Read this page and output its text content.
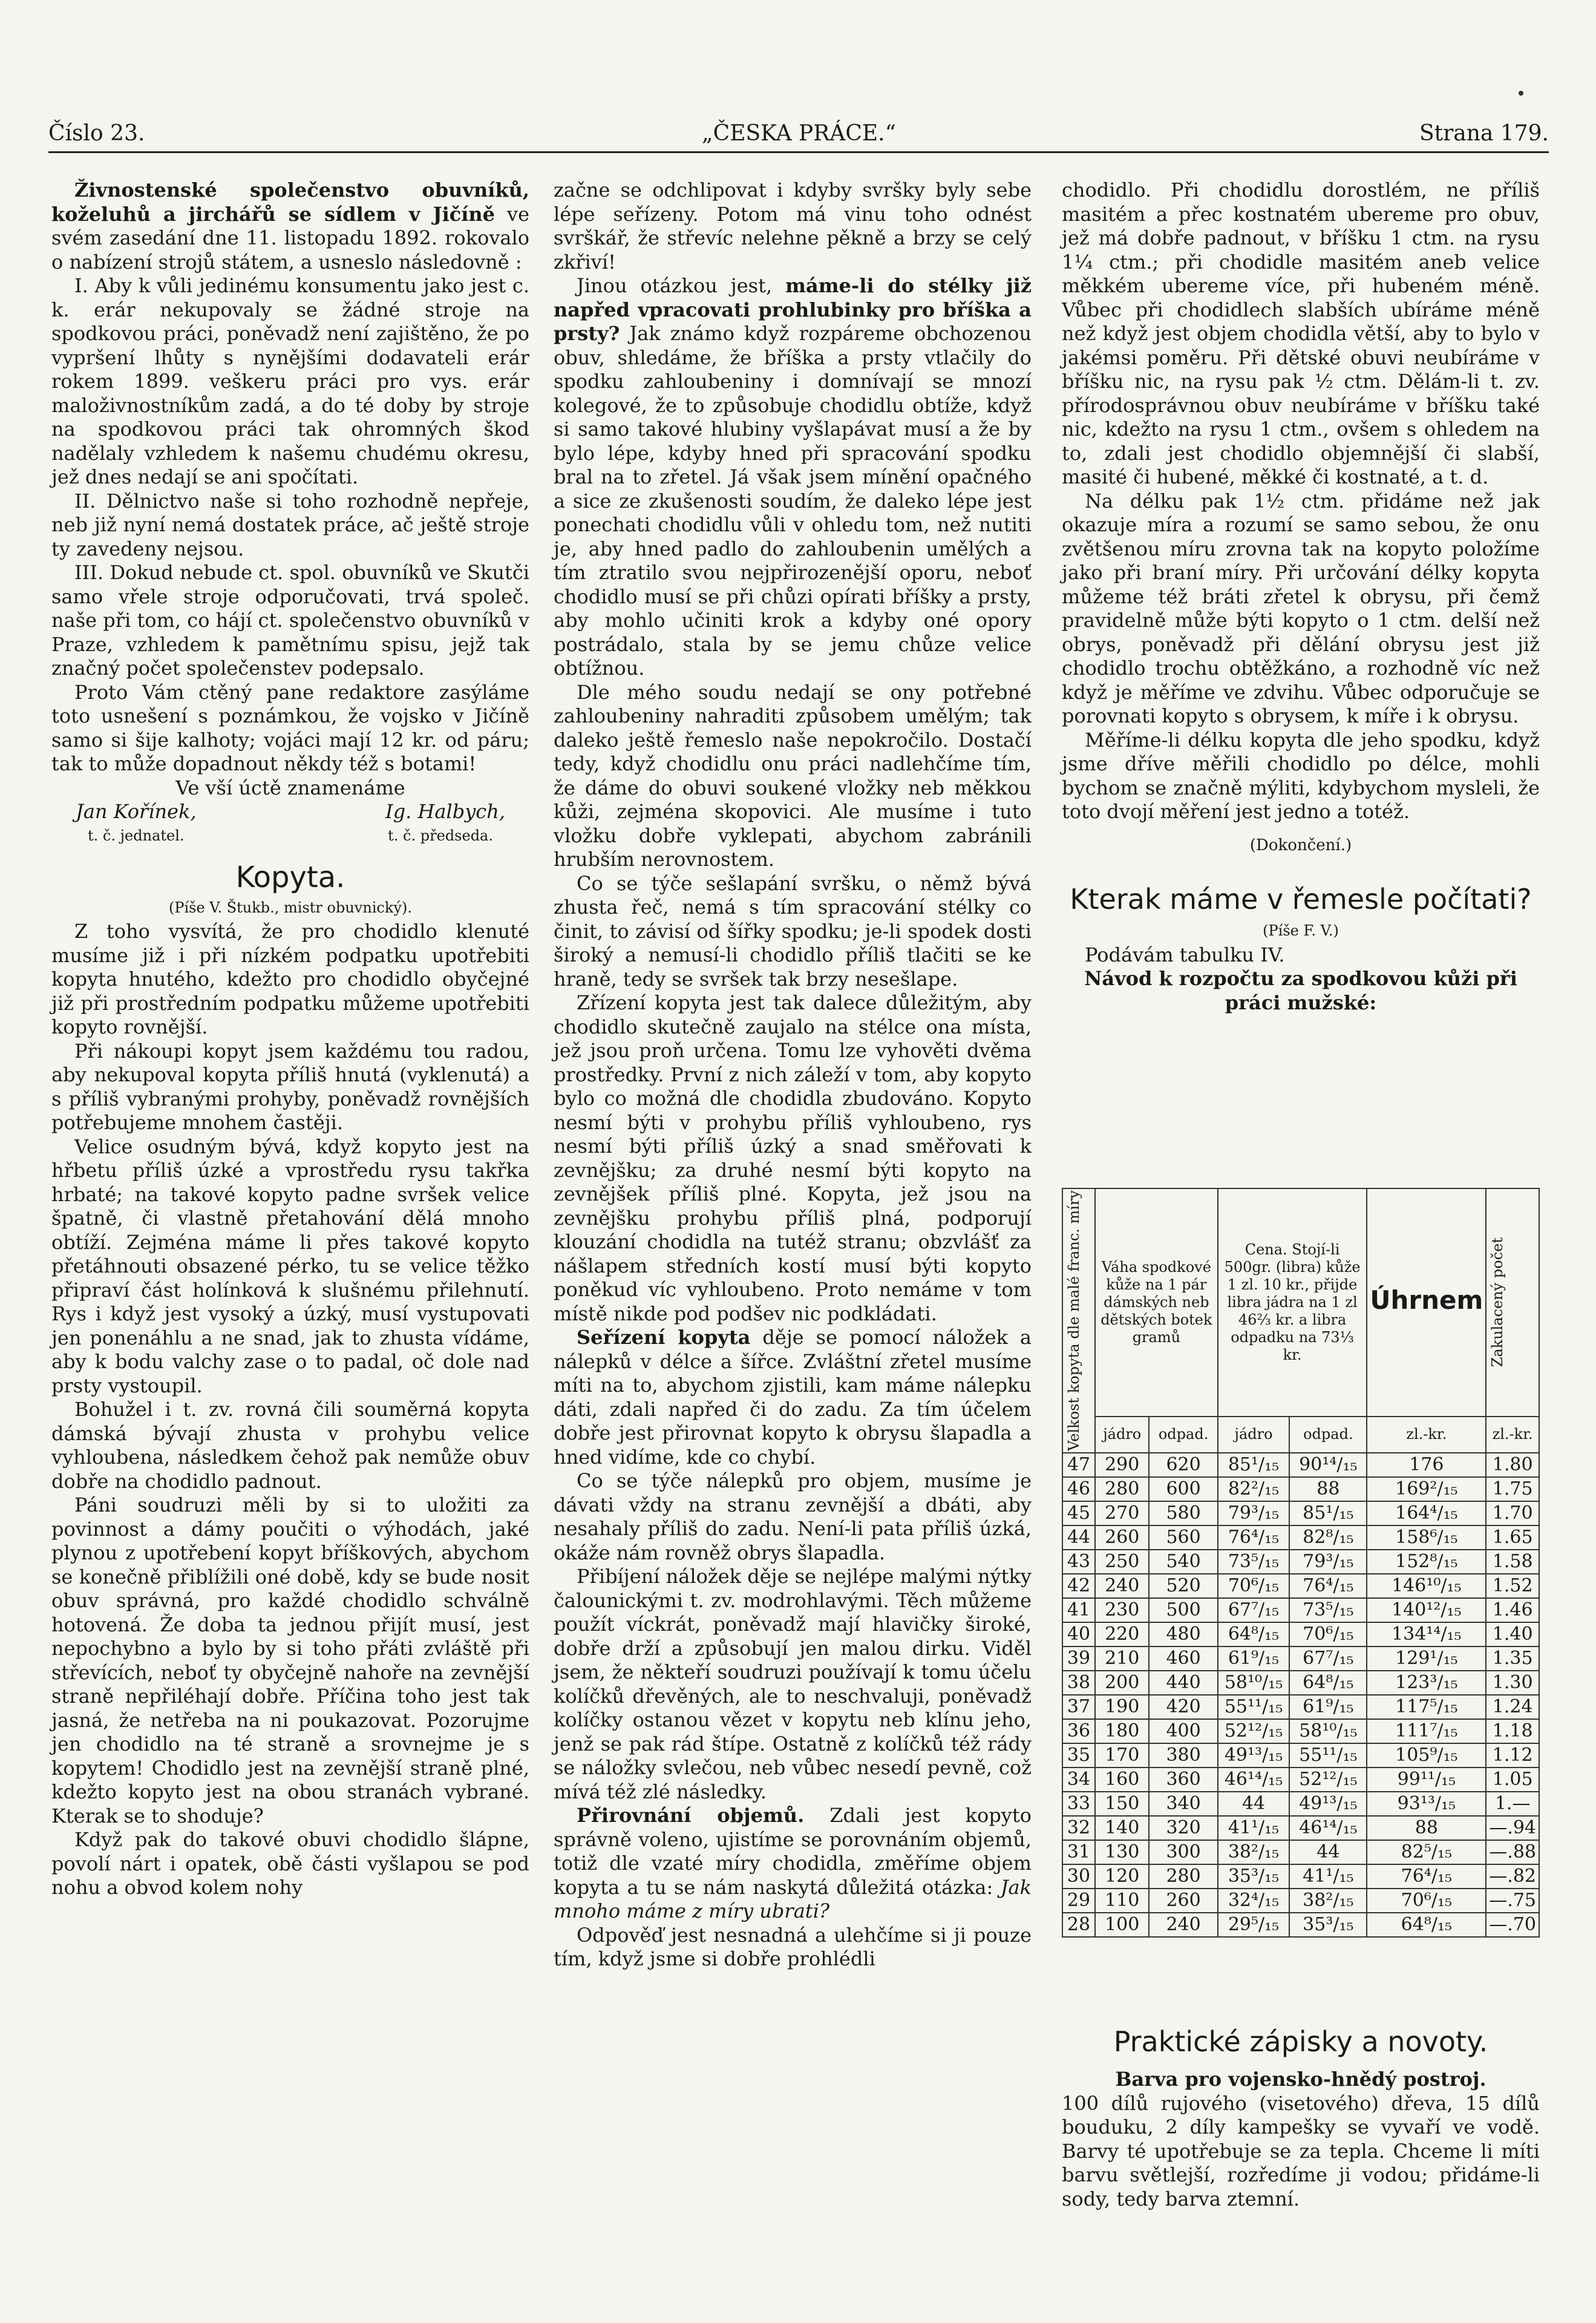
Číslo 23.	„ČESKA PRÁCE.“	Strana 179.

Živnostenské společenstvo obuvníků, koželuhů a jirchářů se sídlem v Jičíně ve svém zasedání dne 11. listopadu 1892. rokovalo o nabízení strojů státem, a usneslo následovně :

I. Aby k vůli jedinému konsumentu jako jest c. k. erár nekupovaly se žádné stroje na spodkovou práci, poněvadž není zajištěno, že po vypršení lhůty s nynějšími dodavateli erár rokem 1899. veškeru práci pro vys. erár maloživnostníkům zadá, a do té doby by stroje na spodkovou práci tak ohromných škod nadělaly vzhledem k našemu chudému okresu, jež dnes nedají se ani spočítati.

II. Dělnictvo naše si toho rozhodně nepřeje, neb již nyní nemá dostatek práce, ač ještě stroje ty zavedeny nejsou.

III. Dokud nebude ct. spol. obuvníků ve Skutči samo vřele stroje odporučovati, trvá společ. naše při tom, co hájí ct. společenstvo obuvníků v Praze, vzhledem k pamětnímu spisu, jejž tak značný počet společenstev podepsalo.

Proto Vám ctěný pane redaktore zasýláme toto usnešení s poznámkou, že vojsko v Jičíně samo si šije kalhoty; vojáci mají 12 kr. od páru; tak to může dopadnout někdy též s botami!

Ve vší úctě znamenáme

Jan Kořínek,	Ig. Halbych,
t. č. jednatel.	t. č. předseda.
Kopyta.
(Píše V. Štukb., mistr obuvnický).

Z toho vysvítá, že pro chodidlo klenuté musíme již i při nízkém podpatku upotřebiti kopyta hnutého, kdežto pro chodidlo obyčejné již při prostředním podpatku můžeme upotřebiti kopyto rovnější.

Při nákoupi kopyt jsem každému tou radou, aby nekupoval kopyta příliš hnutá (vyklenutá) a s příliš vybranými prohyby, poněvadž rovnějších potřebujeme mnohem častěji.

Velice osudným bývá, když kopyto jest na hřbetu příliš úzké a vprostředu rysu takřka hrbaté; na takové kopyto padne svršek velice špatně, či vlastně přetahování dělá mnoho obtíží. Zejména máme li přes takové kopyto přetáhnouti obsazené pérko, tu se velice těžko připraví část holínková k slušnému přilehnutí. Rys i když jest vysoký a úzký, musí vystupovati jen ponenáhlu a ne snad, jak to zhusta vídáme, aby k bodu valchy zase o to padal, oč dole nad prsty vystoupil.

Bohužel i t. zv. rovná čili souměrná kopyta dámská bývají zhusta v prohybu velice vyhloubena, následkem čehož pak nemůže obuv dobře na chodidlo padnout.

Páni soudruzi měli by si to uložiti za povinnost a dámy poučiti o výhodách, jaké plynou z upotřebení kopyt bříškových, abychom se konečně přiblížili oné době, kdy se bude nosit obuv správná, pro každé chodidlo schválně hotovená. Že doba ta jednou přijít musí, jest nepochybno a bylo by si toho přáti zvláště při střevících, neboť ty obyčejně nahoře na zevnější straně nepřiléhají dobře. Příčina toho jest tak jasná, že netřeba na ni poukazovat. Pozorujme jen chodidlo na té straně a srovnejme je s kopytem! Chodidlo jest na zevnější straně plné, kdežto kopyto jest na obou stranách vybrané. Kterak se to shoduje?

Když pak do takové obuvi chodidlo šlápne, povolí nárt i opatek, obě části vyšlapou se pod nohu a obvod kolem nohy

začne se odchlipovat i kdyby svršky byly sebe lépe seřízeny. Potom má vinu toho odnést svrškář, že střevíc nelehne pěkně a brzy se celý zkřiví!

Jinou otázkou jest, máme-li do stélky již napřed vpracovati prohlubinky pro bříška a prsty? Jak známo když rozpáreme obchozenou obuv, shledáme, že bříška a prsty vtlačily do spodku zahloubeniny i domnívají se mnozí kolegové, že to způsobuje chodidlu obtíže, když si samo takové hlubiny vyšlapávat musí a že by bylo lépe, kdyby hned při spracování spodku bral na to zřetel. Já však jsem mínění opačného a sice ze zkušenosti soudím, že daleko lépe jest ponechati chodidlu vůli v ohledu tom, než nutiti je, aby hned padlo do zahloubenin umělých a tím ztratilo svou nejpřirozenější oporu, neboť chodidlo musí se při chůzi opírati bříšky a prsty, aby mohlo učiniti krok a kdyby oné opory postrádalo, stala by se jemu chůze velice obtížnou.

Dle mého soudu nedají se ony potřebné zahloubeniny nahraditi způsobem umělým; tak daleko ještě řemeslo naše nepokročilo. Dostačí tedy, když chodidlu onu práci nadlehčíme tím, že dáme do obuvi soukené vložky neb měkkou kůži, zejména skopovici. Ale musíme i tuto vložku dobře vyklepati, abychom zabránili hrubším nerovnostem.

Co se týče sešlapání svršku, o němž bývá zhusta řeč, nemá s tím spracování stélky co činit, to závisí od šířky spodku; je-li spodek dosti široký a nemusí-li chodidlo příliš tlačiti se ke hraně, tedy se svršek tak brzy nesešlape.

Zřízení kopyta jest tak dalece důležitým, aby chodidlo skutečně zaujalo na stélce ona místa, jež jsou proň určena. Tomu lze vyhověti dvěma prostředky. První z nich záleží v tom, aby kopyto bylo co možná dle chodidla zbudováno. Kopyto nesmí býti v prohybu příliš vyhloubeno, rys nesmí býti příliš úzký a snad směřovati k zevnějšku; za druhé nesmí býti kopyto na zevnějšek příliš plné. Kopyta, jež jsou na zevnějšku prohybu příliš plná, podporují klouzání chodidla na tutéž stranu; obzvlášť za nášlapem středních kostí musí býti kopyto poněkud víc vyhloubeno. Proto nemáme v tom místě nikde pod podšev nic podkládati.

Seřízení kopyta děje se pomocí náložek a nálepků v délce a šířce. Zvláštní zřetel musíme míti na to, abychom zjistili, kam máme nálepku dáti, zdali napřed či do zadu. Za tím účelem dobře jest přirovnat kopyto k obrysu šlapadla a hned vidíme, kde co chybí.

Co se týče nálepků pro objem, musíme je dávati vždy na stranu zevnější a dbáti, aby nesahaly příliš do zadu. Není-li pata příliš úzká, okáže nám rovněž obrys šlapadla.

Přibíjení náložek děje se nejlépe malými nýtky čalounickými t. zv. modrohlavými. Těch můžeme použít víckrát, poněvadž mají hlavičky široké, dobře drží a způsobují jen malou dirku. Viděl jsem, že někteří soudruzi používají k tomu účelu kolíčků dřevěných, ale to neschvaluji, poněvadž kolíčky ostanou vězet v kopytu neb klínu jeho, jenž se pak rád štípe. Ostatně z kolíčků též rády se náložky svlečou, neb vůbec nesedí pevně, což mívá též zlé následky.

Přirovnání objemů. Zdali jest kopyto správně voleno, ujistíme se porovnáním objemů, totiž dle vzaté míry chodidla, změříme objem kopyta a tu se nám naskytá důležitá otázka: Jak mnoho máme z míry ubrati?

Odpověď jest nesnadná a ulehčíme si ji pouze tím, když jsme si dobře prohlédli

chodidlo. Při chodidlu dorostlém, ne příliš masitém a přec kostnatém ubereme pro obuv, jež má dobře padnout, v bříšku 1 ctm. na rysu 1¼ ctm.; při chodidle masitém aneb velice měkkém ubereme více, při hubeném méně. Vůbec při chodidlech slabších ubíráme méně než když jest objem chodidla větší, aby to bylo v jakémsi poměru. Při dětské obuvi neubíráme v bříšku nic, na rysu pak ½ ctm. Dělám-li t. zv. přírodosprávnou obuv neubíráme v bříšku také nic, kdežto na rysu 1 ctm., ovšem s ohledem na to, zdali jest chodidlo objemnější či slabší, masité či hubené, měkké či kostnaté, a t. d.

Na délku pak 1½ ctm. přidáme než jak okazuje míra a rozumí se samo sebou, že onu zvětšenou míru zrovna tak na kopyto položíme jako při braní míry. Při určování délky kopyta můžeme též bráti zřetel k obrysu, při čemž pravidelně může býti kopyto o 1 ctm. delší než obrys, poněvadž při dělání obrysu jest již chodidlo trochu obtěžkáno, a rozhodně víc než když je měříme ve zdvihu. Vůbec odporučuje se porovnati kopyto s obrysem, k míře i k obrysu.

Měříme-li délku kopyta dle jeho spodku, když jsme dříve měřili chodidlo po délce, mohli bychom se značně mýliti, kdybychom mysleli, že toto dvojí měření jest jedno a totéž.

(Dokončení.)

Kterak máme v řemesle počítati?
(Píše F. V.)

Podávám tabulku IV.

Návod k rozpočtu za spodkovou kůži při práci mužské:

Velkost kopyta dle malé franc. míry	Váha spodkové kůže na 1 pár dámských neb dětských botek
gramů		Cena. Stojí-li 500gr. (libra) kůže 1 zl. 10 kr., přijde libra jádra na 1 zl 46⅔ kr. a libra odpadku na 73⅓ kr.		Úhrnem	Zakulacený počet

	jádro	odpad.	jádro	odpad.	zl.-kr.	zl.-kr.
47	290	620	85¹/₁₅	90¹⁴/₁₅	176	1.80
46	280	600	82²/₁₅	88	169²/₁₅	1.75
45	270	580	79³/₁₅	85¹/₁₅	164⁴/₁₅	1.70
44	260	560	76⁴/₁₅	82⁸/₁₅	158⁶/₁₅	1.65
43	250	540	73⁵/₁₅	79³/₁₅	152⁸/₁₅	1.58
42	240	520	70⁶/₁₅	76⁴/₁₅	146¹⁰/₁₅	1.52
41	230	500	67⁷/₁₅	73⁵/₁₅	140¹²/₁₅	1.46
40	220	480	64⁸/₁₅	70⁶/₁₅	134¹⁴/₁₅	1.40
39	210	460	61⁹/₁₅	67⁷/₁₅	129¹/₁₅	1.35
38	200	440	58¹⁰/₁₅	64⁸/₁₅	123³/₁₅	1.30
37	190	420	55¹¹/₁₅	61⁹/₁₅	117⁵/₁₅	1.24
36	180	400	52¹²/₁₅	58¹⁰/₁₅	111⁷/₁₅	1.18
35	170	380	49¹³/₁₅	55¹¹/₁₅	105⁹/₁₅	1.12
34	160	360	46¹⁴/₁₅	52¹²/₁₅	99¹¹/₁₅	1.05
33	150	340	44	49¹³/₁₅	93¹³/₁₅	1.—
32	140	320	41¹/₁₅	46¹⁴/₁₅	88	—.94
31	130	300	38²/₁₅	44	82⁵/₁₅	—.88
30	120	280	35³/₁₅	41¹/₁₅	76⁴/₁₅	—.82
29	110	260	32⁴/₁₅	38²/₁₅	70⁶/₁₅	—.75
28	100	240	29⁵/₁₅	35³/₁₅	64⁸/₁₅	—.70
Praktické zápisky a novoty.

Barva pro vojensko-hnědý postroj.

100 dílů rujového (visetového) dřeva, 15 dílů bouduku, 2 díly kampešky se vyvaří ve vodě. Barvy té upotřebuje se za tepla. Chceme li míti barvu světlejší, rozředíme ji vodou; přidáme-li sody, tedy barva ztemní.
